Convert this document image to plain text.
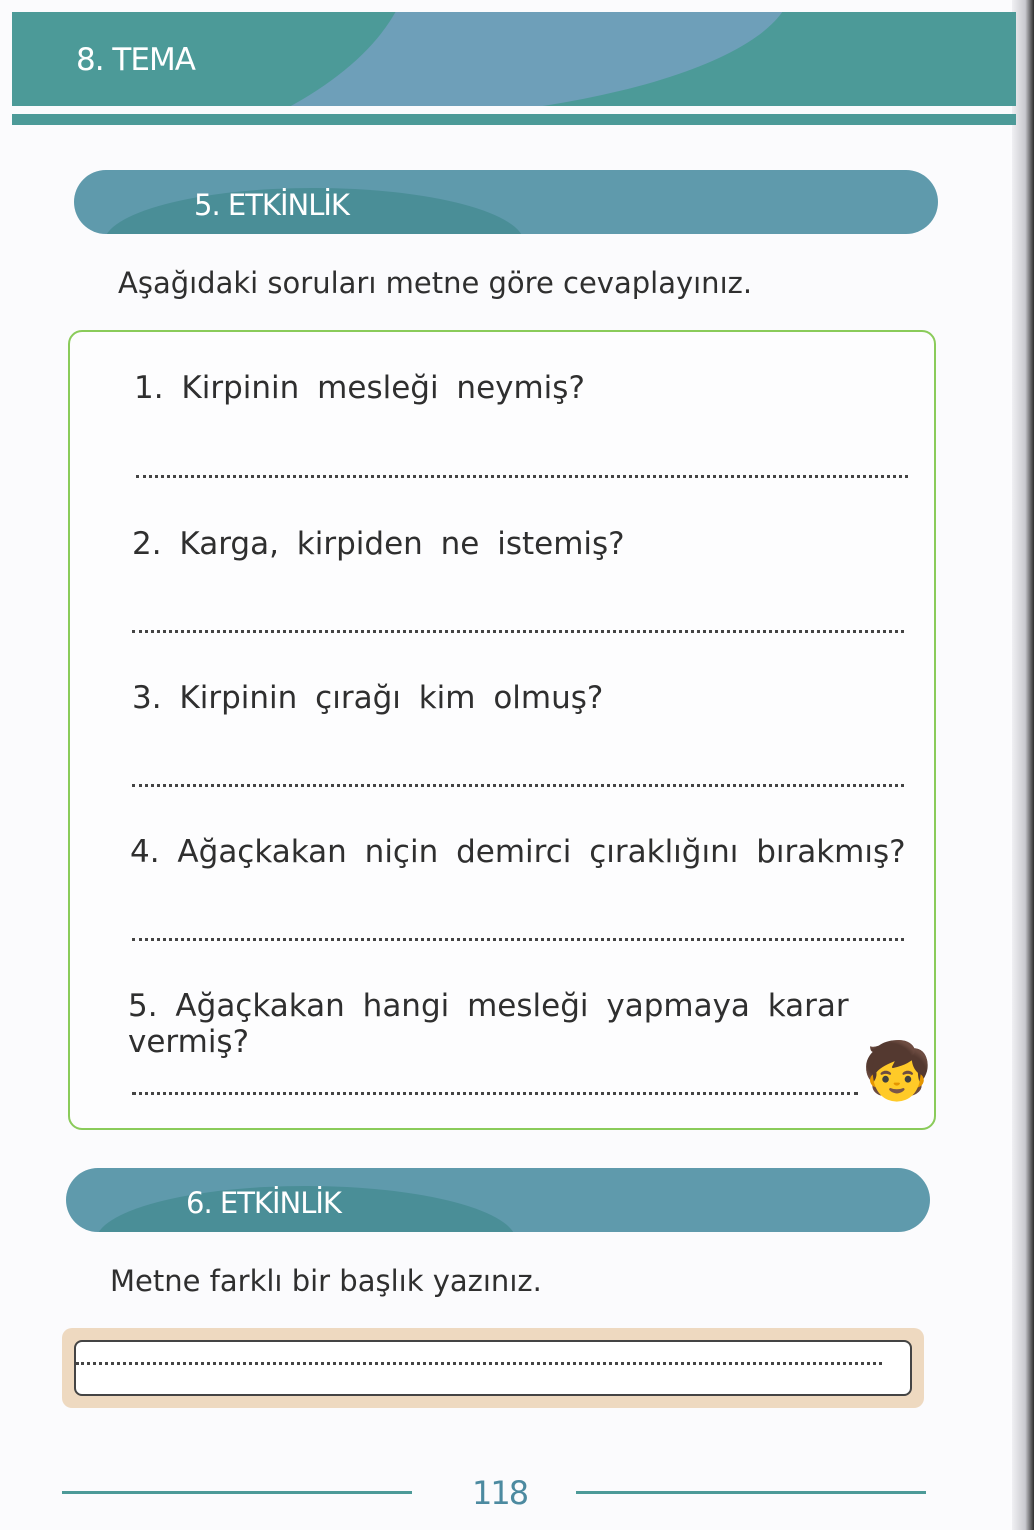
8. TEMA
5. ETKİNLİK
Aşağıdaki soruları metne göre cevaplayınız.
1. Kirpinin mesleği neymiş?
2. Karga, kirpiden ne istemiş?
3. Kirpinin çırağı kim olmuş?
4. Ağaçkakan niçin demirci çıraklığını bırakmış?
5. Ağaçkakan hangi mesleği yapmaya karar vermiş?	🧒
6. ETKİNLİK
Metne farklı bir başlık yazınız.
118
